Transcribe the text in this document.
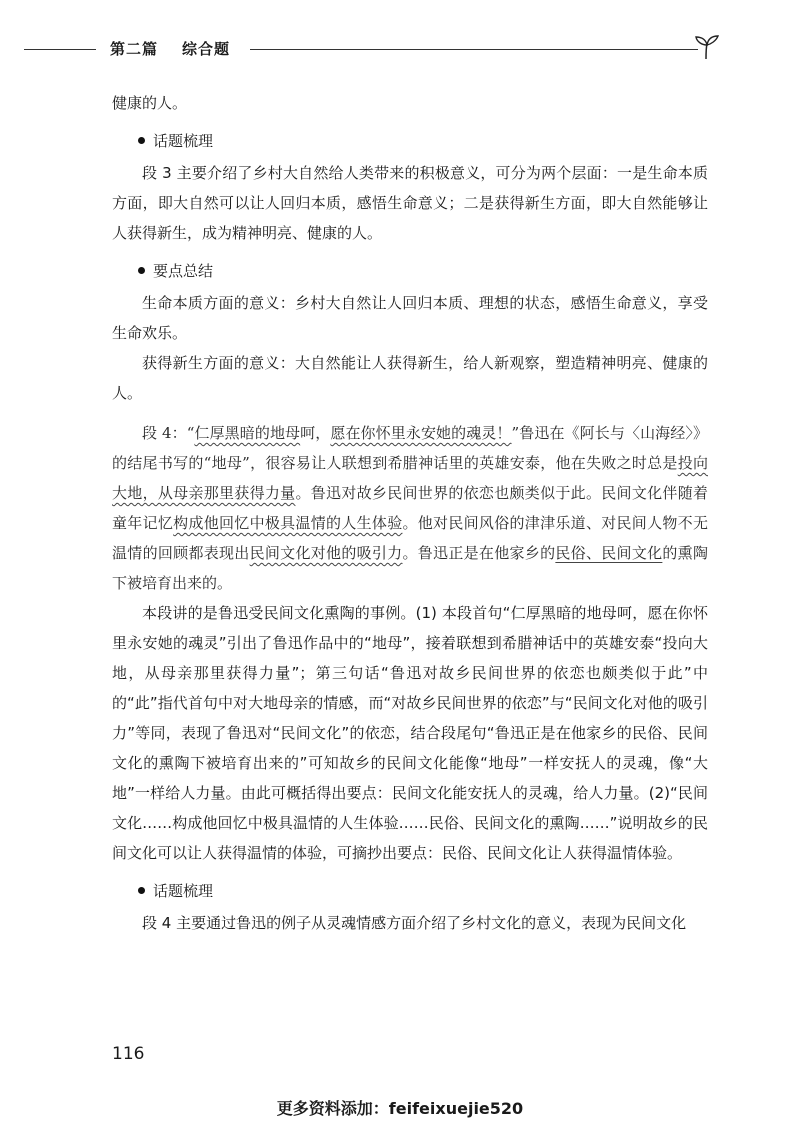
第二篇 综合题

健康的人。

话题梳理

段 3 主要介绍了乡村大自然给人类带来的积极意义，可分为两个层面：一是生命本质方面，即大自然可以让人回归本质，感悟生命意义；二是获得新生方面，即大自然能够让人获得新生，成为精神明亮、健康的人。

要点总结

生命本质方面的意义：乡村大自然让人回归本质、理想的状态，感悟生命意义，享受生命欢乐。

获得新生方面的意义：大自然能让人获得新生，给人新观察，塑造精神明亮、健康的人。

段 4：“仁厚黑暗的地母呵，愿在你怀里永安她的魂灵！”鲁迅在《阿长与〈山海经〉》的结尾书写的“地母”，很容易让人联想到希腊神话里的英雄安泰，他在失败之时总是投向大地，从母亲那里获得力量。鲁迅对故乡民间世界的依恋也颇类似于此。民间文化伴随着童年记忆构成他回忆中极具温情的人生体验。他对民间风俗的津津乐道、对民间人物不无温情的回顾都表现出民间文化对他的吸引力。鲁迅正是在他家乡的民俗、民间文化的熏陶下被培育出来的。

本段讲的是鲁迅受民间文化熏陶的事例。(1) 本段首句“仁厚黑暗的地母呵，愿在你怀里永安她的魂灵”引出了鲁迅作品中的“地母”，接着联想到希腊神话中的英雄安泰“投向大地，从母亲那里获得力量”；第三句话“鲁迅对故乡民间世界的依恋也颇类似于此”中的“此”指代首句中对大地母亲的情感，而“对故乡民间世界的依恋”与“民间文化对他的吸引力”等同，表现了鲁迅对“民间文化”的依恋，结合段尾句“鲁迅正是在他家乡的民俗、民间文化的熏陶下被培育出来的”可知故乡的民间文化能像“地母”一样安抚人的灵魂，像“大地”一样给人力量。由此可概括得出要点：民间文化能安抚人的灵魂，给人力量。(2)“民间文化……构成他回忆中极具温情的人生体验……民俗、民间文化的熏陶……”说明故乡的民间文化可以让人获得温情的体验，可摘抄出要点：民俗、民间文化让人获得温情体验。

话题梳理

段 4 主要通过鲁迅的例子从灵魂情感方面介绍了乡村文化的意义，表现为民间文化

116
更多资料添加：feifeixuejie520
